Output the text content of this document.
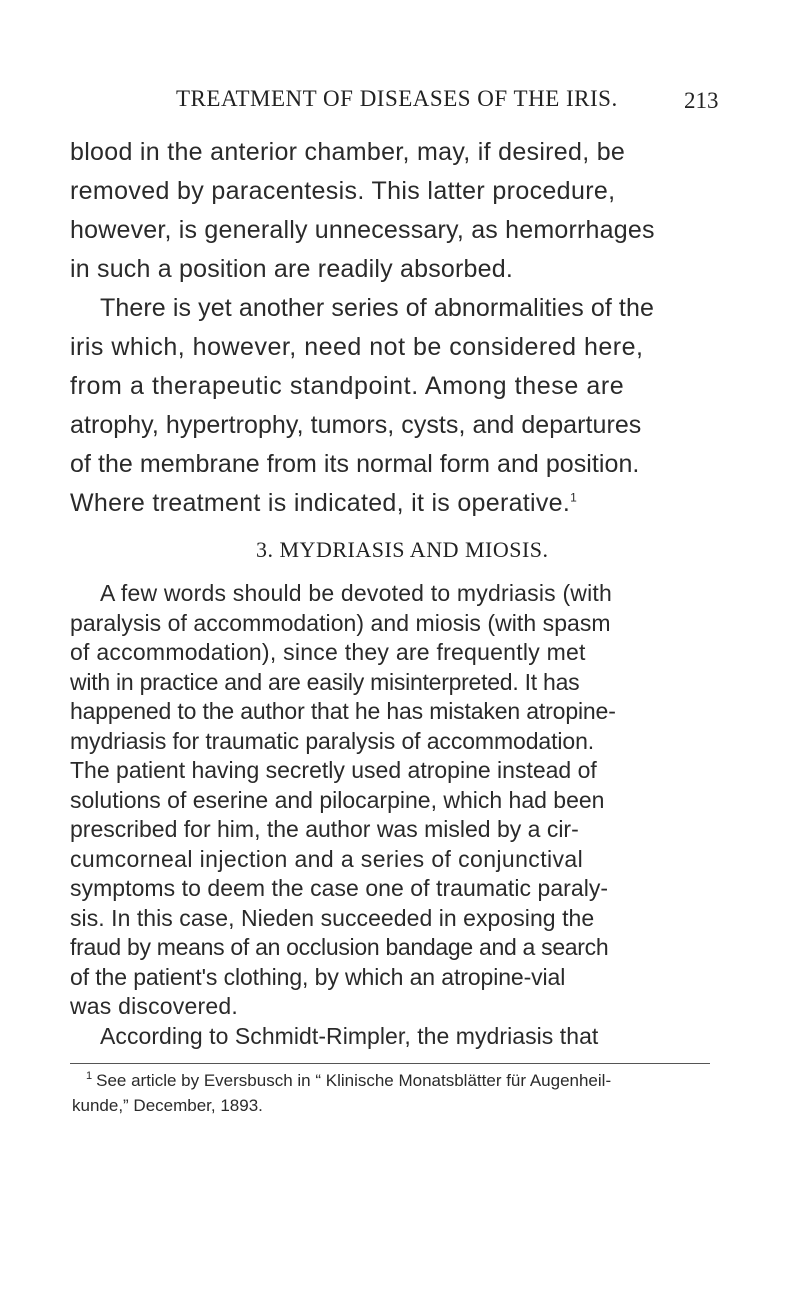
TREATMENT OF DISEASES OF THE IRIS.	213
blood in the anterior chamber, may, if desired, be
removed by paracentesis. This latter procedure,
however, is generally unnecessary, as hemorrhages
in such a position are readily absorbed.
There is yet another series of abnormalities of the
iris which, however, need not be considered here,
from a therapeutic standpoint. Among these are
atrophy, hypertrophy, tumors, cysts, and departures
of the membrane from its normal form and position.
Where treatment is indicated, it is operative.$^1$
3. MYDRIASIS AND MIOSIS.
A few words should be devoted to mydriasis (with
paralysis of accommodation) and miosis (with spasm
of accommodation), since they are frequently met
with in practice and are easily misinterpreted. It has
happened to the author that he has mistaken atropine-
mydriasis for traumatic paralysis of accommodation.
The patient having secretly used atropine instead of
solutions of eserine and pilocarpine, which had been
prescribed for him, the author was misled by a cir-
cumcorneal injection and a series of conjunctival
symptoms to deem the case one of traumatic paraly-
sis. In this case, Nieden succeeded in exposing the
fraud by means of an occlusion bandage and a search
of the patient's clothing, by which an atropine-vial
was discovered.
According to Schmidt-Rimpler, the mydriasis that
$^1$ See article by Eversbusch in “ Klinische Monatsblätter für Augenheil-
kunde,” December, 1893.
